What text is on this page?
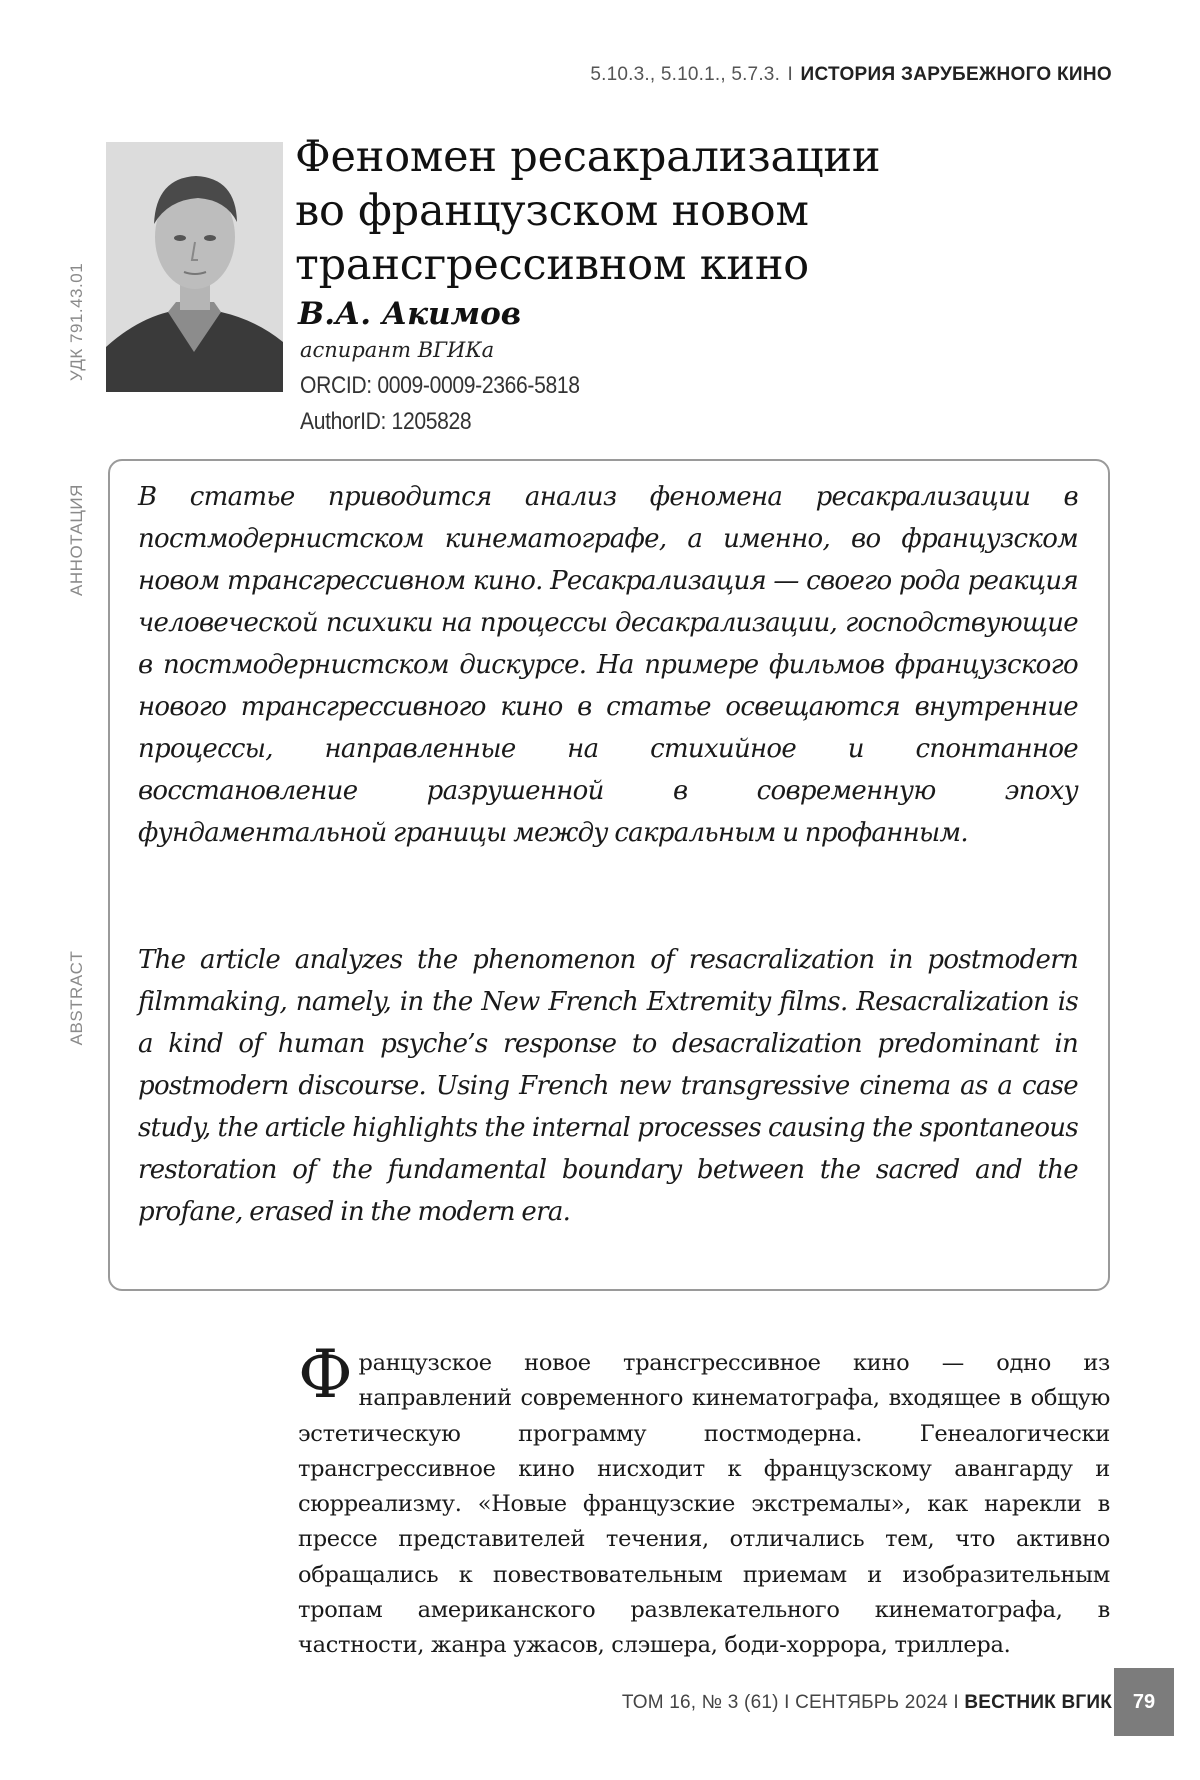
5.10.3., 5.10.1., 5.7.3. I ИСТОРИЯ ЗАРУБЕЖНОГО КИНО
УДК 791.43.01
АННОТАЦИЯ
ABSTRACT
Феномен ресакрализации
во французском новом
трансгрессивном кино
В.А. Акимов
аспирант ВГИКа
ORCID: 0009-0009-2366-5818
AuthorID: 1205828

В статье приводится анализ феномена ресакрализации в постмодернистском кинематографе, а именно, во французском новом трансгрессивном кино. Ресакрализация — своего рода реакция человеческой психики на процессы десакрализации, господствующие в постмодернистском дискурсе. На примере фильмов французского нового трансгрессивного кино в статье освещаются внутренние процессы, направленные на стихийное и спонтанное восстановление разрушенной в современную эпоху фундаментальной границы между сакральным и профанным.

The article analyzes the phenomenon of resacralization in postmodern filmmaking, namely, in the New French Extremity films. Resacralization is a kind of human psyche’s response to desacralization predominant in postmodern discourse. Using French new transgressive cinema as a case study, the article highlights the internal processes causing the spontaneous restoration of the fundamental boundary between the sacred and the profane, erased in the modern era.

Французское новое трансгрессивное кино — одно из направлений современного кинематографа, входящее в общую эстетическую программу постмодерна. Генеалогически трансгрессивное кино нисходит к французскому авангарду и сюрреализму. «Новые французские экстремалы», как нарекли в прессе представителей течения, отличались тем, что активно обращались к повествовательным приемам и изобразительным тропам американского развлекательного кинематографа, в частности, жанра ужасов, слэшера, боди-хоррора, триллера.

ТОМ 16, № 3 (61) I СЕНТЯБРЬ 2024 I ВЕСТНИК ВГИК	79
